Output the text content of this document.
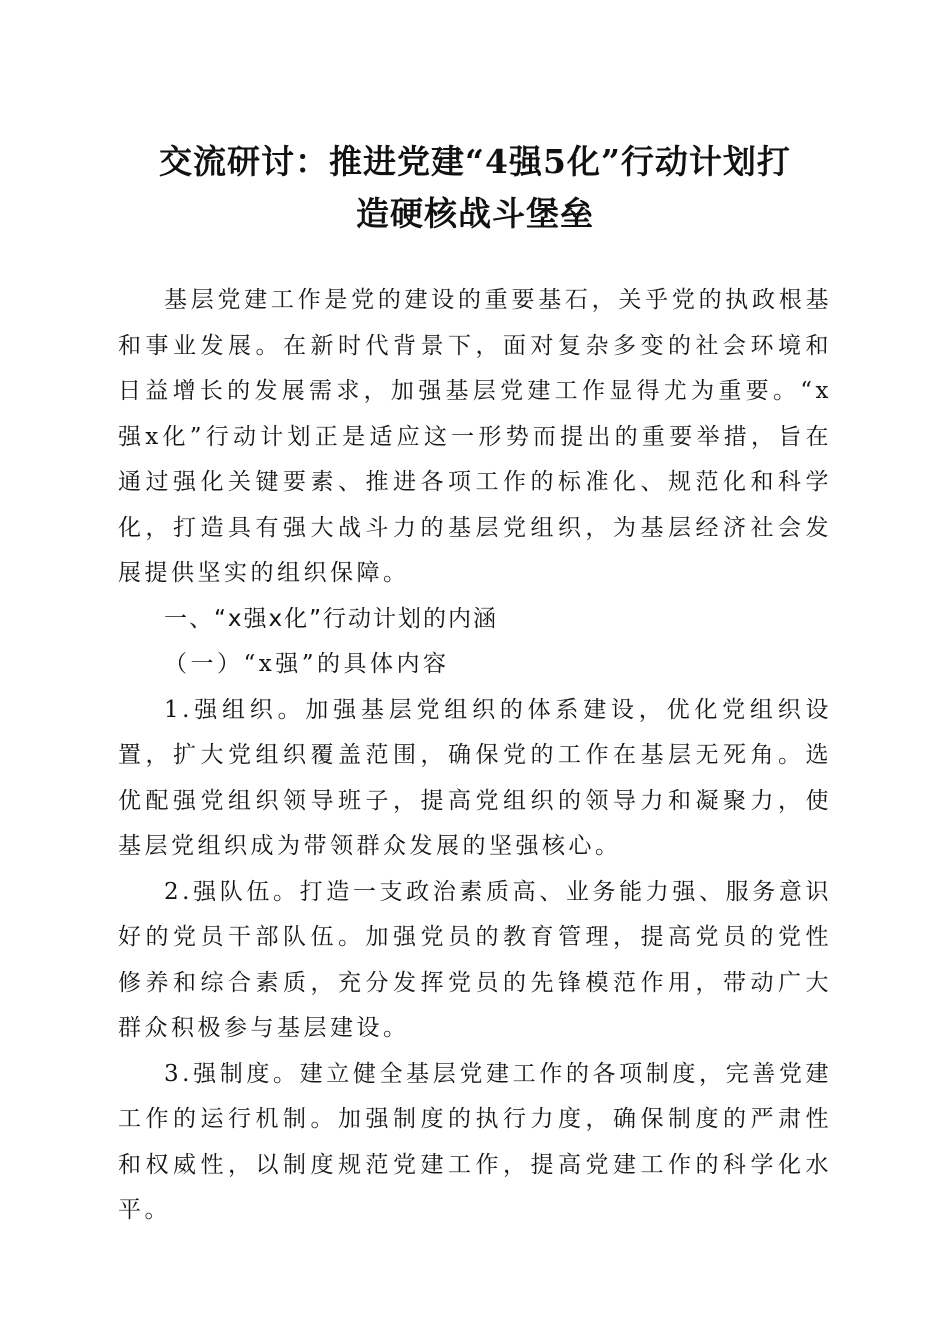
交流研讨：推进党建“4强5化”行动计划打
造硬核战斗堡垒

基层党建工作是党的建设的重要基石，关乎党的执政根基和事业发展。在新时代背景下，面对复杂多变的社会环境和日益增长的发展需求，加强基层党建工作显得尤为重要。“x强x化”行动计划正是适应这一形势而提出的重要举措，旨在通过强化关键要素、推进各项工作的标准化、规范化和科学化，打造具有强大战斗力的基层党组织，为基层经济社会发展提供坚实的组织保障。

一、“x强x化”行动计划的内涵

（一）“x强”的具体内容

1.强组织。加强基层党组织的体系建设，优化党组织设置，扩大党组织覆盖范围，确保党的工作在基层无死角。选优配强党组织领导班子，提高党组织的领导力和凝聚力，使基层党组织成为带领群众发展的坚强核心。

2.强队伍。打造一支政治素质高、业务能力强、服务意识好的党员干部队伍。加强党员的教育管理，提高党员的党性修养和综合素质，充分发挥党员的先锋模范作用，带动广大群众积极参与基层建设。

3.强制度。建立健全基层党建工作的各项制度，完善党建工作的运行机制。加强制度的执行力度，确保制度的严肃性和权威性，以制度规范党建工作，提高党建工作的科学化水平。
